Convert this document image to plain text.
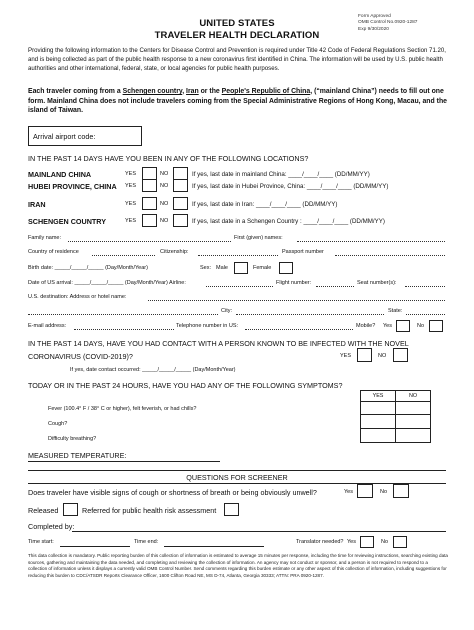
UNITED STATES
TRAVELER HEALTH DECLARATION
Form Approved
OMB Control No.0920-1287
Exp 9/30/2020
Providing the following information to the Centers for Disease Control and Prevention is required under Title 42 Code of Federal Regulations Section 71.20, and is being collected as part of the public health response to a new coronavirus first identified in China. The information will be used by U.S. public health authorities and other international, federal, state, or local agencies for public health purposes.
Each traveler coming from a Schengen country, Iran or the People's Republic of China, (“mainland China”) needs to fill out one form. Mainland China does not include travelers coming from the Special Administrative Regions of Hong Kong, Macau, and the island of Taiwan.
Arrival airport code:
IN THE PAST 14 DAYS HAVE YOU BEEN IN ANY OF THE FOLLOWING LOCATIONS?
MAINLAND CHINA	YES	NO	If yes, last date in mainland China: ____/____/____ (DD/MM/YY)
HUBEI PROVINCE, CHINA YES	NO	If yes, last date in Hubei Province, China: ____/____/____ (DD/MM/YY)
IRAN	YES	NO	If yes, last date in Iran: ____/____/____ (DD/MM/YY)
SCHENGEN COUNTRY	YES	NO	If yes, last date in a Schengen Country : ____/____/____ (DD/MM/YY)
Family name:	First (given) names:
Country of residence	Citizenship:	Passport number
Birth date: _____/_____/_____ (Day/Month/Year)	Sex: Male	Female
Date of US arrival: _____/_____/_____ (Day/Month/Year) Airline:	Flight number:	Seat number(s):
U.S. destination: Address or hotel name:
City:	State:
E-mail address:	Telephone number in US:	Mobile? Yes	No
IN THE PAST 14 DAYS, HAVE YOU HAD CONTACT WITH A PERSON KNOWN TO BE INFECTED WITH THE NOVEL
CORONAVIRUS (COVID-2019)?	YES	NO
If yes, date contact occurred: _____/_____/_____ (Day/Month/Year)
TODAY OR IN THE PAST 24 HOURS, HAVE YOU HAD ANY OF THE FOLLOWING SYMPTOMS?
YES	NO

Fever (100.4° F / 38° C or higher), felt feverish, or had chills?
Cough?
Difficulty breathing?
MEASURED TEMPERATURE:
QUESTIONS FOR SCREENER
Does traveler have visible signs of cough or shortness of breath or being obviously unwell?	Yes	No
Released	Referred for public health risk assessment
Completed by:
Time start:	Time end:	Translator needed? Yes	No
This data collection is mandatory. Public reporting burden of this collection of information is estimated to average 15 minutes per response, including the time for reviewing instructions, searching existing data sources, gathering and maintaining the data needed, and completing and reviewing the collection of information. An agency may not conduct or sponsor, and a person is not required to respond to a collection of information unless it displays a currently valid OMB Control Number. Send comments regarding this burden estimate or any other aspect of this collection of information, including suggestions for reducing this burden to CDC/ATSDR Reports Clearance Officer, 1600 Clifton Road NE, MS D-74, Atlanta, Georgia 30333; ATTN: PRA 0920-1287.
